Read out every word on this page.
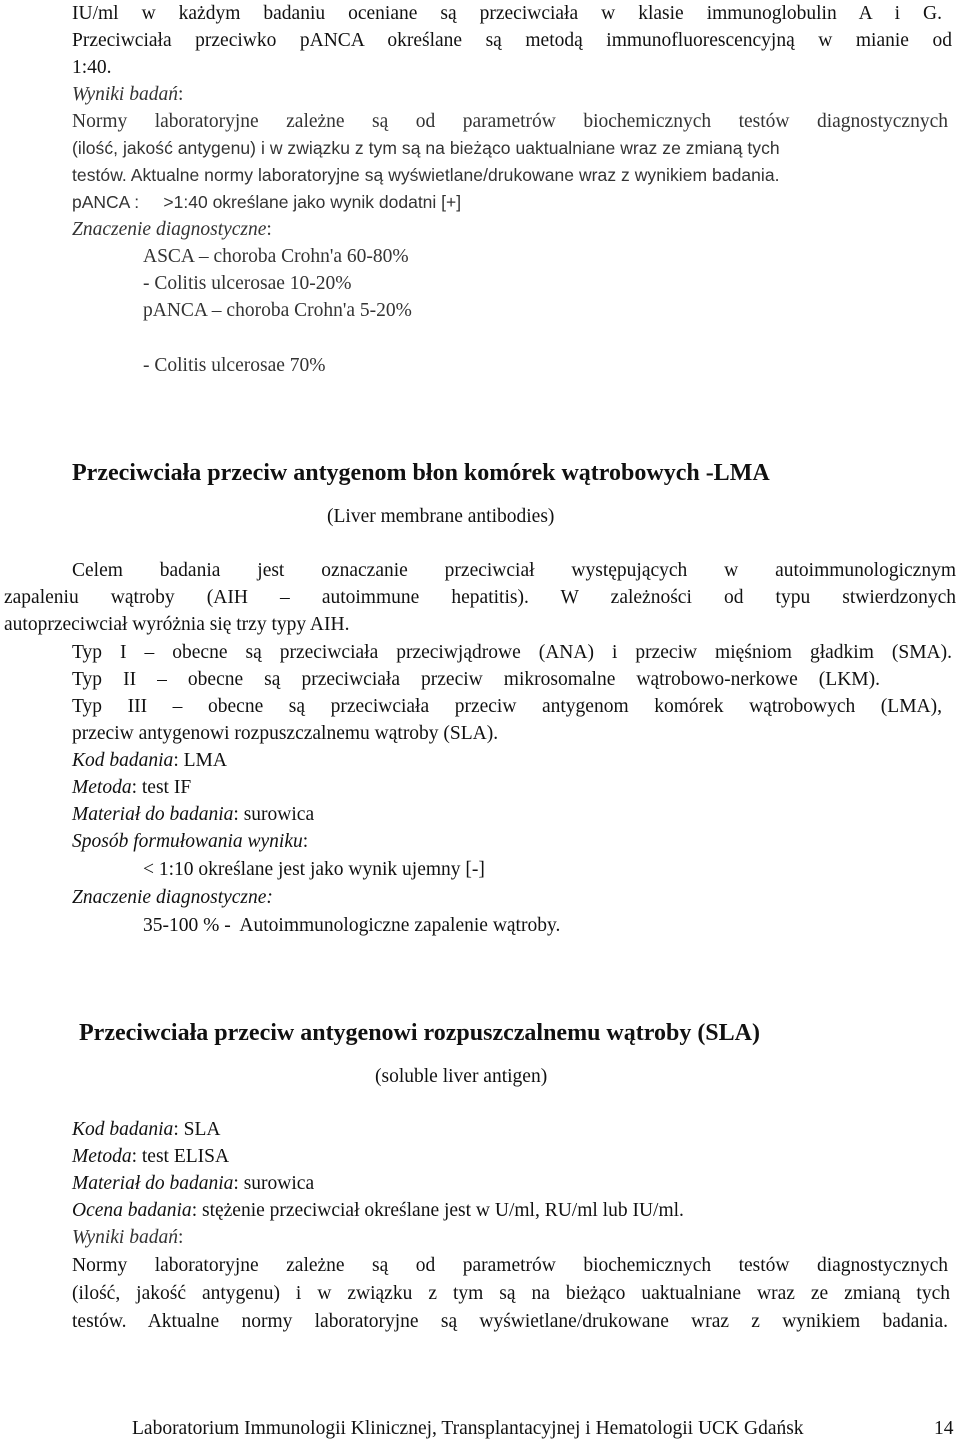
IU/ml w każdym badaniu oceniane są przeciwciała w klasie immunoglobulin A i G.
Przeciwciała przeciwko pANCA określane są metodą immunofluorescencyjną w mianie od
1:40.
Wyniki badań:
Normy laboratoryjne zależne są od parametrów biochemicznych testów diagnostycznych
(ilość, jakość antygenu) i w związku z tym są na bieżąco uaktualniane wraz ze zmianą tych
testów. Aktualne normy laboratoryjne są wyświetlane/drukowane wraz z wynikiem badania.
pANCA :     >1:40 określane jako wynik dodatni [+]
Znaczenie diagnostyczne:
ASCA – choroba Crohn'a 60-80%
- Colitis ulcerosae 10-20%
pANCA – choroba Crohn'a 5-20%
- Colitis ulcerosae 70%
Przeciwciała przeciw antygenom błon komórek wątrobowych -LMA
(Liver membrane antibodies)
Celem badania jest oznaczanie przeciwciał występujących w autoimmunologicznym
zapaleniu wątroby (AIH – autoimmune hepatitis). W zależności od typu stwierdzonych
autoprzeciwciał wyróżnia się trzy typy AIH.
Typ I – obecne są przeciwciała przeciwjądrowe (ANA) i przeciw mięśniom gładkim (SMA).
Typ II – obecne są przeciwciała przeciw mikrosomalne wątrobowo-nerkowe (LKM).
Typ III – obecne są przeciwciała przeciw antygenom komórek wątrobowych (LMA),
przeciw antygenowi rozpuszczalnemu wątroby (SLA).
Kod badania: LMA
Metoda: test IF
Materiał do badania: surowica
Sposób formułowania wyniku:
< 1:10 określane jest jako wynik ujemny [-]
Znaczenie diagnostyczne:
35-100 % -  Autoimmunologiczne zapalenie wątroby.
Przeciwciała przeciw antygenowi rozpuszczalnemu wątroby (SLA)
(soluble liver antigen)
Kod badania: SLA
Metoda: test ELISA
Materiał do badania: surowica
Ocena badania: stężenie przeciwciał określane jest w U/ml, RU/ml lub IU/ml.
Wyniki badań:
Normy laboratoryjne zależne są od parametrów biochemicznych testów diagnostycznych
(ilość, jakość antygenu) i w związku z tym są na bieżąco uaktualniane wraz ze zmianą tych
testów. Aktualne normy laboratoryjne są wyświetlane/drukowane wraz z wynikiem badania.
Laboratorium Immunologii Klinicznej, Transplantacyjnej i Hematologii UCK Gdańsk	14
